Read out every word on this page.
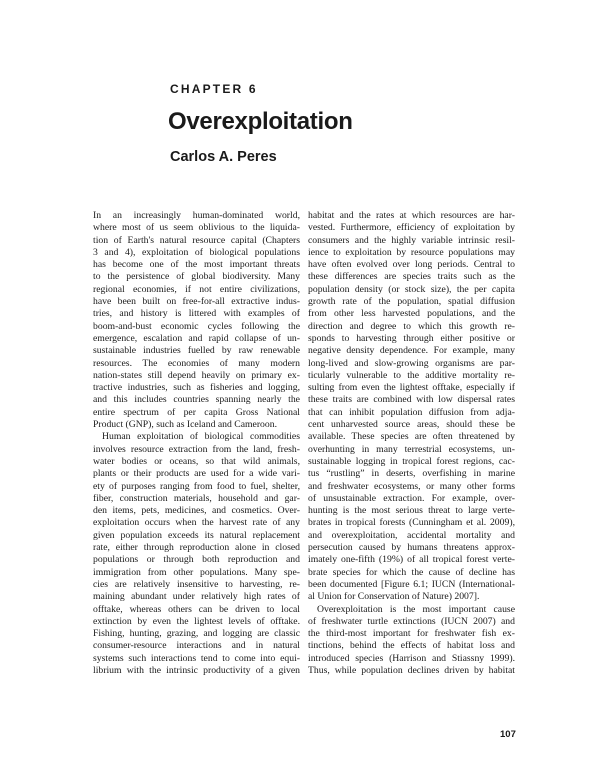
CHAPTER 6
Overexploitation
Carlos A. Peres
In an increasingly human-dominated world,
where most of us seem oblivious to the liquida-
tion of Earth's natural resource capital (Chapters
3 and 4), exploitation of biological populations
has become one of the most important threats
to the persistence of global biodiversity. Many
regional economies, if not entire civilizations,
have been built on free-for-all extractive indus-
tries, and history is littered with examples of
boom-and-bust economic cycles following the
emergence, escalation and rapid collapse of un-
sustainable industries fuelled by raw renewable
resources. The economies of many modern
nation-states still depend heavily on primary ex-
tractive industries, such as fisheries and logging,
and this includes countries spanning nearly the
entire spectrum of per capita Gross National
Product (GNP), such as Iceland and Cameroon.
Human exploitation of biological commodities
involves resource extraction from the land, fresh-
water bodies or oceans, so that wild animals,
plants or their products are used for a wide vari-
ety of purposes ranging from food to fuel, shelter,
fiber, construction materials, household and gar-
den items, pets, medicines, and cosmetics. Over-
exploitation occurs when the harvest rate of any
given population exceeds its natural replacement
rate, either through reproduction alone in closed
populations or through both reproduction and
immigration from other populations. Many spe-
cies are relatively insensitive to harvesting, re-
maining abundant under relatively high rates of
offtake, whereas others can be driven to local
extinction by even the lightest levels of offtake.
Fishing, hunting, grazing, and logging are classic
consumer-resource interactions and in natural
systems such interactions tend to come into equi-
librium with the intrinsic productivity of a given
habitat and the rates at which resources are har-
vested. Furthermore, efficiency of exploitation by
consumers and the highly variable intrinsic resil-
ience to exploitation by resource populations may
have often evolved over long periods. Central to
these differences are species traits such as the
population density (or stock size), the per capita
growth rate of the population, spatial diffusion
from other less harvested populations, and the
direction and degree to which this growth re-
sponds to harvesting through either positive or
negative density dependence. For example, many
long-lived and slow-growing organisms are par-
ticularly vulnerable to the additive mortality re-
sulting from even the lightest offtake, especially if
these traits are combined with low dispersal rates
that can inhibit population diffusion from adja-
cent unharvested source areas, should these be
available. These species are often threatened by
overhunting in many terrestrial ecosystems, un-
sustainable logging in tropical forest regions, cac-
tus “rustling” in deserts, overfishing in marine
and freshwater ecosystems, or many other forms
of unsustainable extraction. For example, over-
hunting is the most serious threat to large verte-
brates in tropical forests (Cunningham et al. 2009),
and overexploitation, accidental mortality and
persecution caused by humans threatens approx-
imately one-fifth (19%) of all tropical forest verte-
brate species for which the cause of decline has
been documented [Figure 6.1; IUCN (International-
al Union for Conservation of Nature) 2007].
Overexploitation is the most important cause
of freshwater turtle extinctions (IUCN 2007) and
the third-most important for freshwater fish ex-
tinctions, behind the effects of habitat loss and
introduced species (Harrison and Stiassny 1999).
Thus, while population declines driven by habitat
107
